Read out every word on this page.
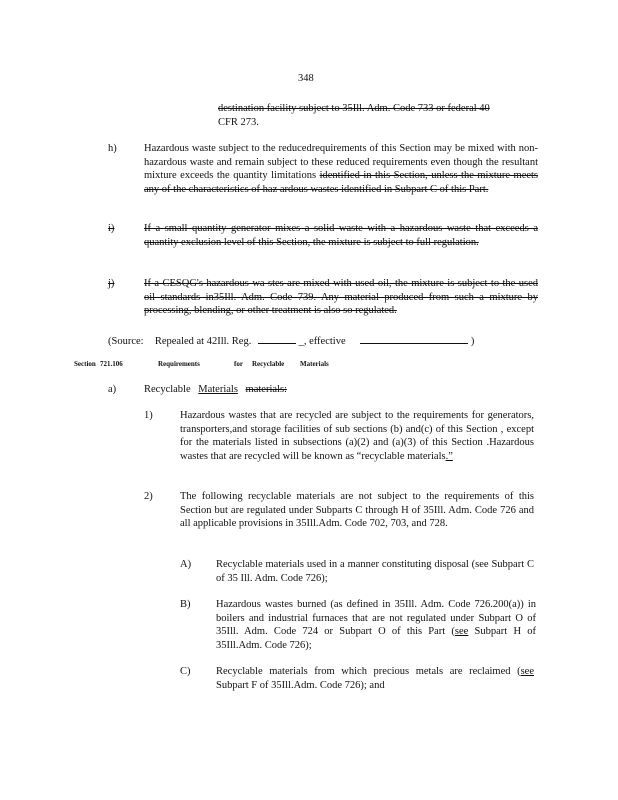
348
destination facility subject to 35Ill. Adm. Code 733 or federal 40
CFR 273.
h)	Hazardous waste subject to the reducedrequirements of this Section may be mixed with non-hazardous waste and remain subject to these reduced requirements even though the resultant mixture exceeds the quantity limitations identified in this Section, unless the mixture meets any of the characteristics of haz ardous wastes identified in Subpart C of this Part.
i)	If a small quantity generator mixes a solid waste with a hazardous waste that exceeds a quantity exclusion level of this Section, the mixture is subject to full regulation.
j)	If a CESQG's hazardous wa stes are mixed with used oil, the mixture is subject to the used oil standards in35Ill. Adm. Code 739. Any material produced from such a mixture by processing, blending, or other treatment is also so regulated.
(Source: Repealed at 42Ill. Reg.	_, effective	)
Section 721.106	Requirements	for Recyclable Materials
a)	Recyclable Materials materials:
1)	Hazardous wastes that are recycled are subject to the requirements for generators, transporters,and storage facilities of sub sections (b) and(c) of this Section , except for the materials listed in subsections (a)(2) and (a)(3) of this Section .Hazardous wastes that are recycled will be known as “recyclable materials.”
2)	The following recyclable materials are not subject to the requirements of this Section but are regulated under Subparts C through H of 35Ill. Adm. Code 726 and all applicable provisions in 35Ill.Adm. Code 702, 703, and 728.
A) Recyclable materials used in a manner constituting disposal (see Subpart C of 35 Ill. Adm. Code 726);
B) Hazardous wastes burned (as defined in 35Ill. Adm. Code 726.200(a)) in boilers and industrial furnaces that are not regulated under Subpart O of 35Ill. Adm. Code 724 or Subpart O of this Part (see Subpart H of 35Ill.Adm. Code 726);
C) Recyclable materials from which precious metals are reclaimed (see Subpart F of 35Ill.Adm. Code 726); and
